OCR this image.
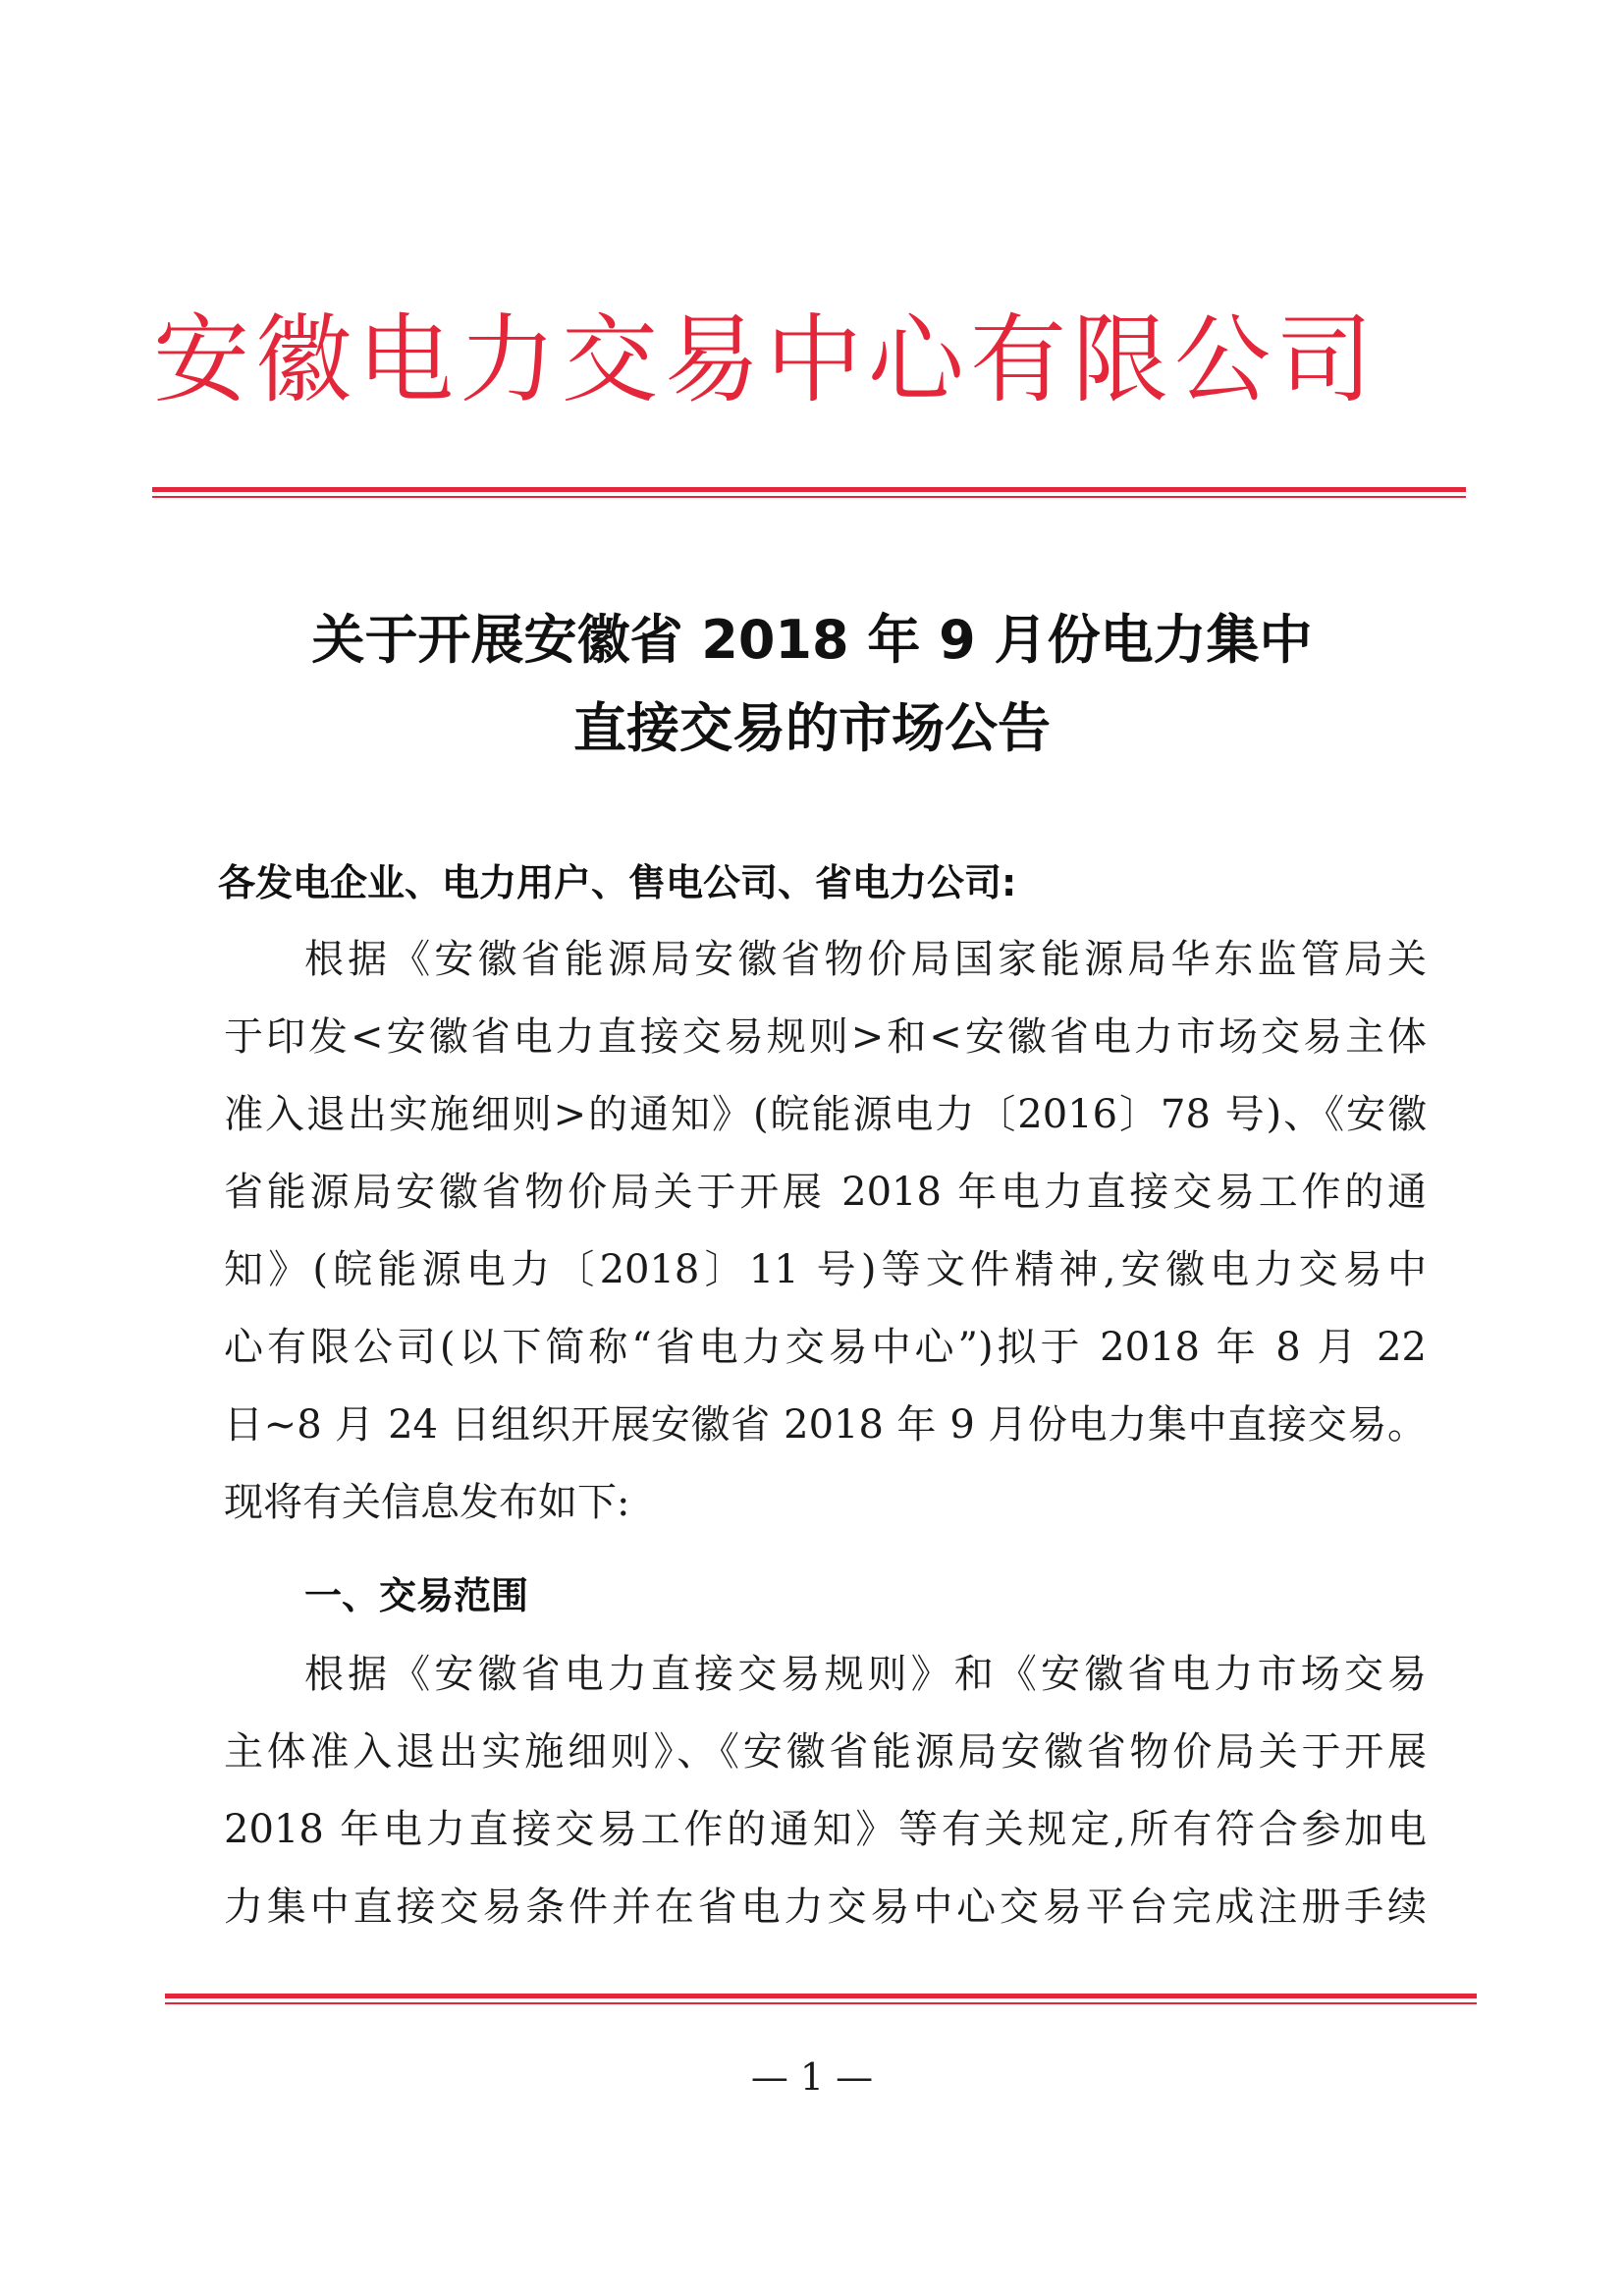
安徽电力交易中心有限公司
关于开展安徽省 2018 年 9 月份电力集中
直接交易的市场公告
各发电企业、电力用户、售电公司、省电力公司:
根据《安徽省能源局安徽省物价局国家能源局华东监管局关
于印发<安徽省电力直接交易规则>和<安徽省电力市场交易主体
准入退出实施细则>的通知》(皖能源电力〔2016〕78 号)、《安徽
省能源局安徽省物价局关于开展 2018 年电力直接交易工作的通
知》(皖能源电力〔2018〕11 号)等文件精神,安徽电力交易中
心有限公司(以下简称“省电力交易中心”)拟于 2018 年 8 月 22
日~8 月 24 日组织开展安徽省 2018 年 9 月份电力集中直接交易。
现将有关信息发布如下:
一、交易范围
根据《安徽省电力直接交易规则》和《安徽省电力市场交易
主体准入退出实施细则》、《安徽省能源局安徽省物价局关于开展
2018 年电力直接交易工作的通知》等有关规定,所有符合参加电
力集中直接交易条件并在省电力交易中心交易平台完成注册手续
— 1 —
